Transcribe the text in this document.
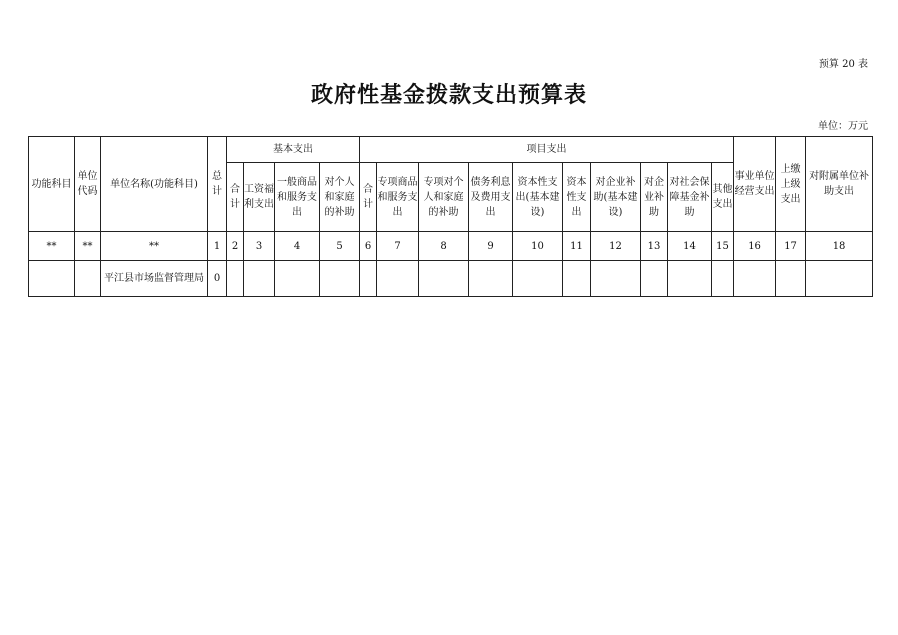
预算 20 表
政府性基金拨款支出预算表
单位：万元
功能科目	单位代码	单位名称(功能科目)	总计	基本支出				项目支出										事业单位经营支出	上缴上级支出	对附属单位补助支出
				合计	工资福利支出	一般商品和服务支出	对个人和家庭的补助	合计	专项商品和服务支出	专项对个人和家庭的补助	债务利息及费用支出	资本性支出(基本建设)	资本性支出	对企业补助(基本建设)	对企业补助	对社会保障基金补助	其他支出			
**	**	**	1	2	3	4	5	6	7	8	9	10	11	12	13	14	15	16	17	18
		平江县市场监督管理局	0																	
